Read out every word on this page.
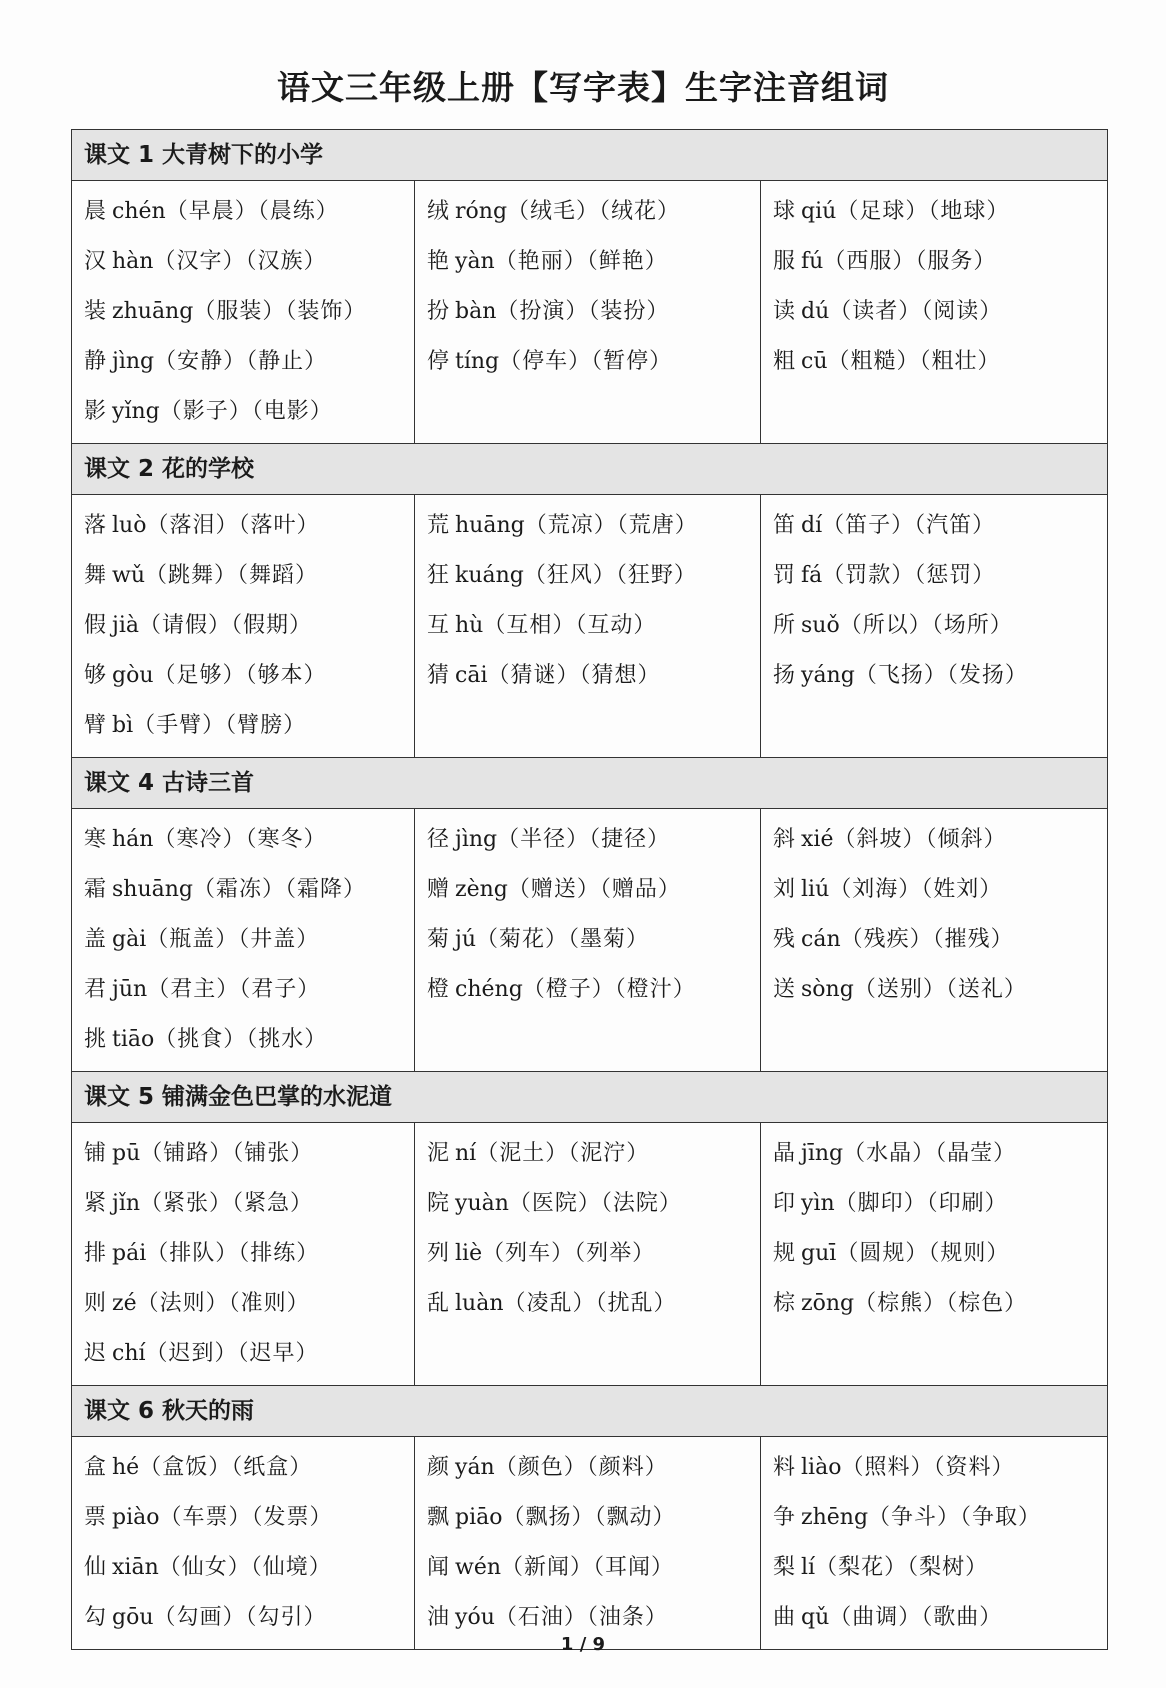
语文三年级上册【写字表】生字注音组词
课文 1 大青树下的小学
晨 chén（早晨）（晨练）
汉 hàn（汉字）（汉族）
装 zhuāng（服装）（装饰）
静 jìng（安静）（静止）
影 yǐng（影子）（电影）
绒 róng（绒毛）（绒花）
艳 yàn（艳丽）（鲜艳）
扮 bàn（扮演）（装扮）
停 tíng（停车）（暂停）
球 qiú（足球）（地球）
服 fú（西服）（服务）
读 dú（读者）（阅读）
粗 cū（粗糙）（粗壮）
课文 2 花的学校
落 luò（落泪）（落叶）
舞 wǔ（跳舞）（舞蹈）
假 jià（请假）（假期）
够 gòu（足够）（够本）
臂 bì（手臂）（臂膀）
荒 huāng（荒凉）（荒唐）
狂 kuáng（狂风）（狂野）
互 hù（互相）（互动）
猜 cāi（猜谜）（猜想）
笛 dí（笛子）（汽笛）
罚 fá（罚款）（惩罚）
所 suǒ（所以）（场所）
扬 yáng（飞扬）（发扬）
课文 4 古诗三首
寒 hán（寒冷）（寒冬）
霜 shuāng（霜冻）（霜降）
盖 gài（瓶盖）（井盖）
君 jūn（君主）（君子）
挑 tiāo（挑食）（挑水）
径 jìng（半径）（捷径）
赠 zèng（赠送）（赠品）
菊 jú（菊花）（墨菊）
橙 chéng（橙子）（橙汁）
斜 xié（斜坡）（倾斜）
刘 liú（刘海）（姓刘）
残 cán（残疾）（摧残）
送 sòng（送别）（送礼）
课文 5 铺满金色巴掌的水泥道
铺 pū（铺路）（铺张）
紧 jǐn（紧张）（紧急）
排 pái（排队）（排练）
则 zé（法则）（准则）
迟 chí（迟到）（迟早）
泥 ní（泥土）（泥泞）
院 yuàn（医院）（法院）
列 liè（列车）（列举）
乱 luàn（凌乱）（扰乱）
晶 jīng（水晶）（晶莹）
印 yìn（脚印）（印刷）
规 guī（圆规）（规则）
棕 zōng（棕熊）（棕色）
课文 6 秋天的雨
盒 hé（盒饭）（纸盒）
票 piào（车票）（发票）
仙 xiān（仙女）（仙境）
勾 gōu（勾画）（勾引）
颜 yán（颜色）（颜料）
飘 piāo（飘扬）（飘动）
闻 wén（新闻）（耳闻）
油 yóu（石油）（油条）
料 liào（照料）（资料）
争 zhēng（争斗）（争取）
梨 lí（梨花）（梨树）
曲 qǔ（曲调）（歌曲）
1 / 9
